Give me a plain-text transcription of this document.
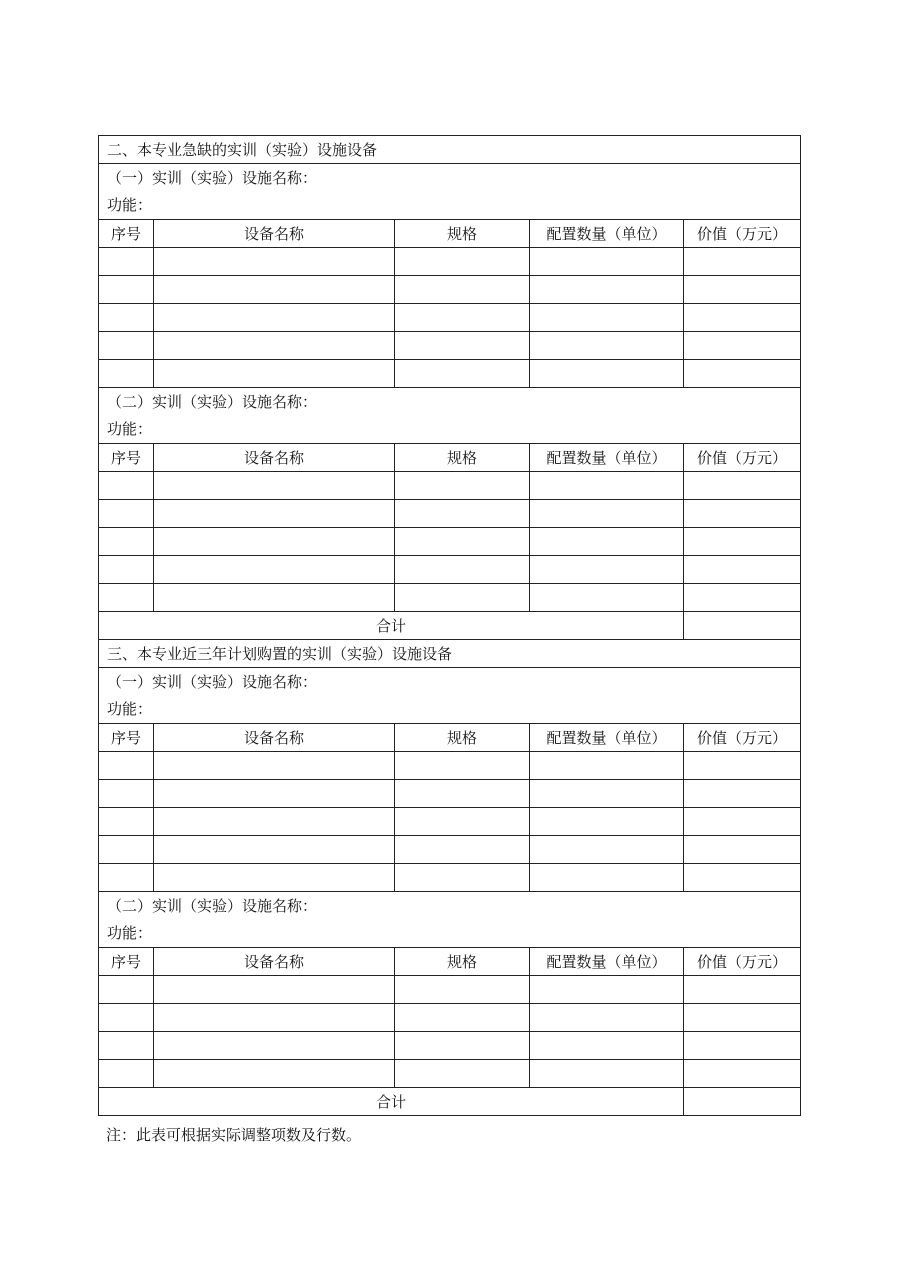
二、本专业急缺的实训（实验）设施设备				
（一）实训（实验）设施名称：				
功能：				
序号	设备名称	规格	配置数量（单位）	价值（万元）

（二）实训（实验）设施名称：				
功能：				
序号	设备名称	规格	配置数量（单位）	价值（万元）

合计				
三、本专业近三年计划购置的实训（实验）设施设备				
（一）实训（实验）设施名称：				
功能：				
序号	设备名称	规格	配置数量（单位）	价值（万元）

（二）实训（实验）设施名称：				
功能：				
序号	设备名称	规格	配置数量（单位）	价值（万元）

合计				
注：此表可根据实际调整项数及行数。
